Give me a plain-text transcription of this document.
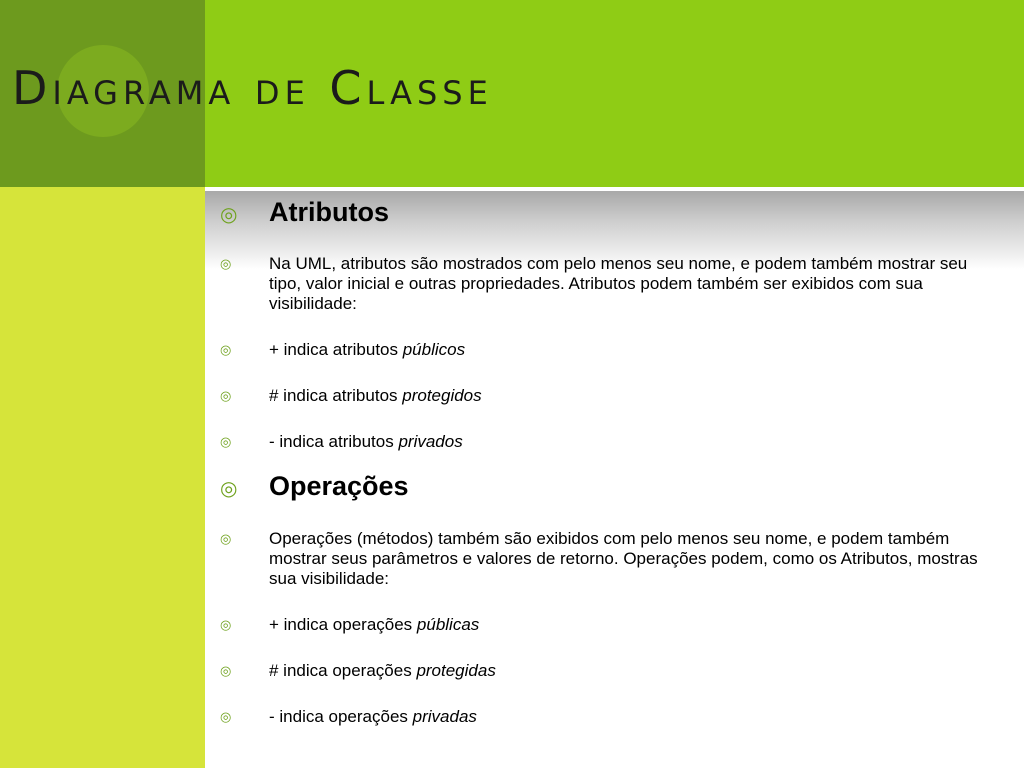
Diagrama de Classe
◎ Atributos
◎ Na UML, atributos são mostrados com pelo menos seu nome, e podem também mostrar seu tipo, valor inicial e outras propriedades. Atributos podem também ser exibidos com sua visibilidade:
◎ + indica atributos públicos
◎ # indica atributos protegidos
◎ - indica atributos privados
◎ Operações
◎ Operações (métodos) também são exibidos com pelo menos seu nome, e podem também mostrar seus parâmetros e valores de retorno. Operações podem, como os Atributos, mostras sua visibilidade:
◎ + indica operações públicas
◎ # indica operações protegidas
◎ - indica operações privadas
